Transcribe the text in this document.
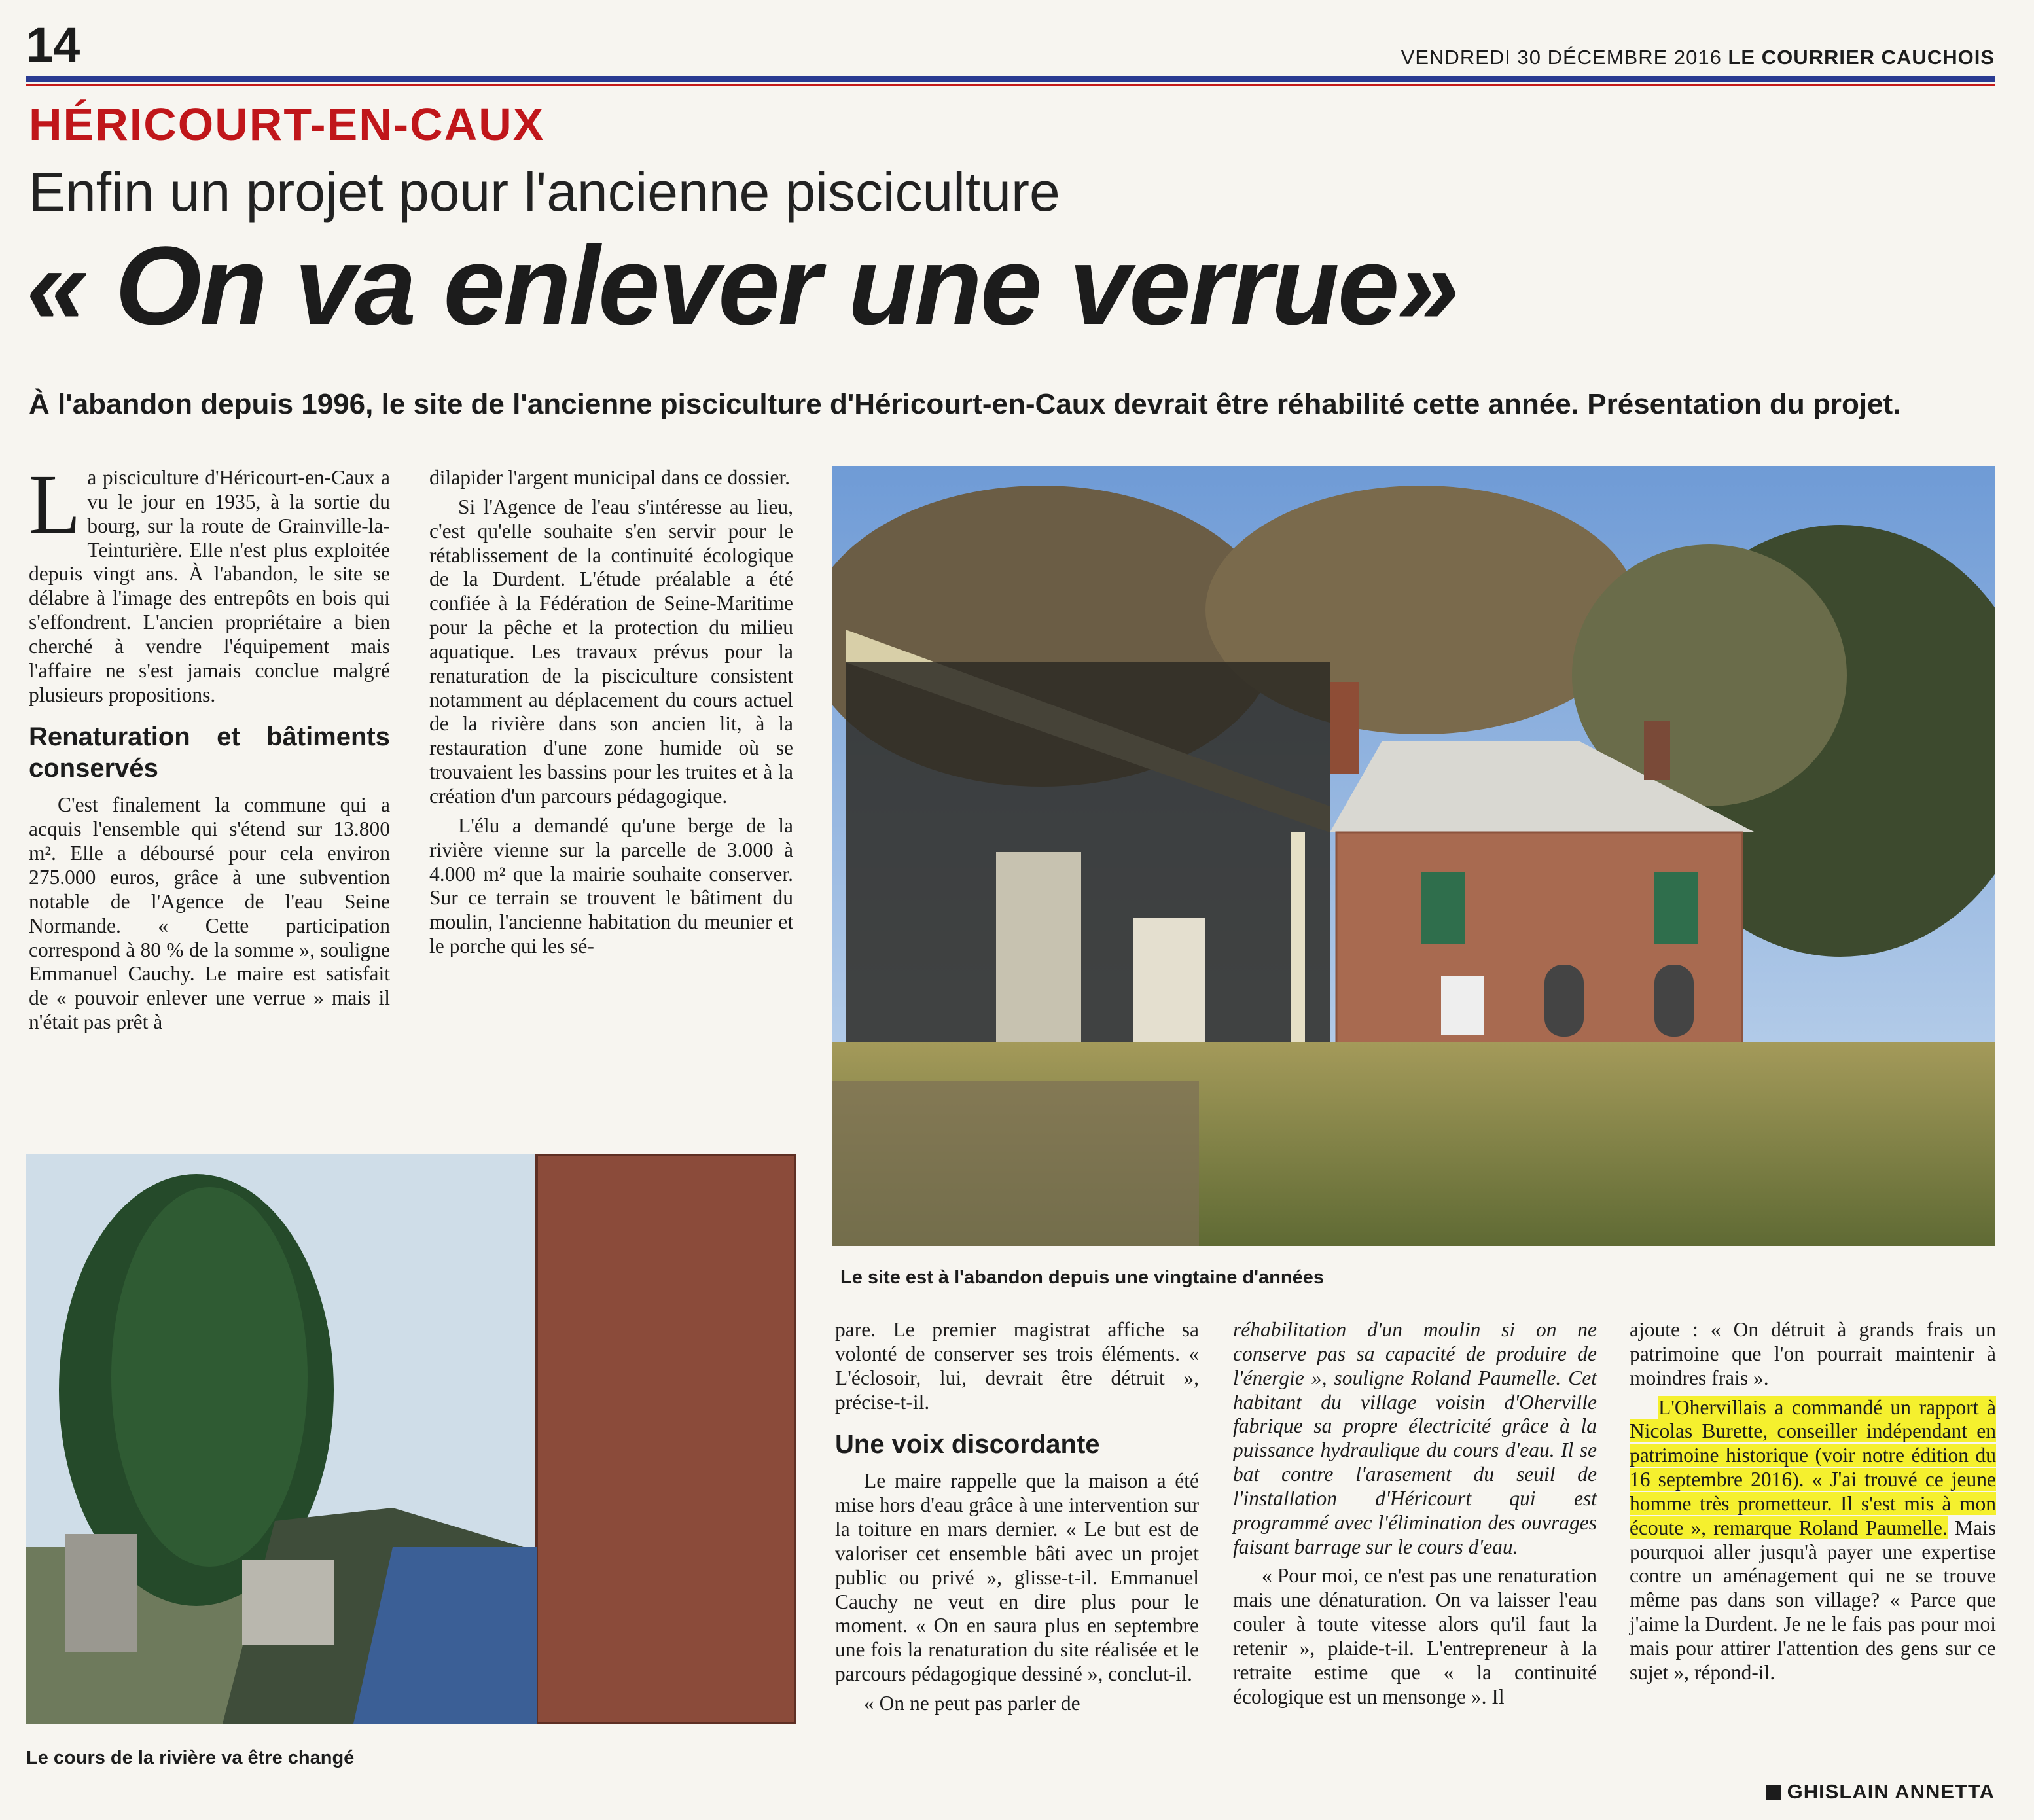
14	VENDREDI 30 DÉCEMBRE 2016 LE COURRIER CAUCHOIS
HÉRICOURT-EN-CAUX
Enfin un projet pour l'ancienne pisciculture
« On va enlever une verrue»
À l'abandon depuis 1996, le site de l'ancienne pisciculture d'Héricourt-en-Caux devrait être réhabilité cette année. Présentation du projet.
L a pisciculture d'Héricourt-en-Caux a vu le jour en 1935, à la sortie du bourg, sur la route de Grainville-la-Teinturière. Elle n'est plus exploitée depuis vingt ans. À l'abandon, le site se délabre à l'image des entrepôts en bois qui s'effondrent. L'ancien propriétaire a bien cherché à vendre l'équipement mais l'affaire ne s'est jamais conclue malgré plusieurs propositions.

Renaturation et bâtiments conservés

C'est finalement la commune qui a acquis l'ensemble qui s'étend sur 13.800 m². Elle a déboursé pour cela environ 275.000 euros, grâce à une subvention notable de l'Agence de l'eau Seine Normande. « Cette participation correspond à 80 % de la somme », souligne Emmanuel Cauchy. Le maire est satisfait de « pouvoir enlever une verrue » mais il n'était pas prêt à

dilapider l'argent municipal dans ce dossier.

Si l'Agence de l'eau s'intéresse au lieu, c'est qu'elle souhaite s'en servir pour le rétablissement de la continuité écologique de la Durdent. L'étude préalable a été confiée à la Fédération de Seine-Maritime pour la pêche et la protection du milieu aquatique. Les travaux prévus pour la renaturation de la pisciculture consistent notamment au déplacement du cours actuel de la rivière dans son ancien lit, à la restauration d'une zone humide où se trouvaient les bassins pour les truites et à la création d'un parcours pédagogique.

L'élu a demandé qu'une berge de la rivière vienne sur la parcelle de 3.000 à 4.000 m² que la mairie souhaite conserver. Sur ce terrain se trouvent le bâtiment du moulin, l'ancienne habitation du meunier et le porche qui les sé-

Le site est à l'abandon depuis une vingtaine d'années
Le cours de la rivière va être changé

pare. Le premier magistrat affiche sa volonté de conserver ses trois éléments. « L'éclosoir, lui, devrait être détruit », précise-t-il.

Une voix discordante

Le maire rappelle que la maison a été mise hors d'eau grâce à une intervention sur la toiture en mars dernier. « Le but est de valoriser cet ensemble bâti avec un projet public ou privé », glisse-t-il. Emmanuel Cauchy ne veut en dire plus pour le moment. « On en saura plus en septembre une fois la renaturation du site réalisée et le parcours pédagogique dessiné », conclut-il.

« On ne peut pas parler de

réhabilitation d'un moulin si on ne conserve pas sa capacité de produire de l'énergie », souligne Roland Paumelle. Cet habitant du village voisin d'Oherville fabrique sa propre électricité grâce à la puissance hydraulique du cours d'eau. Il se bat contre l'arasement du seuil de l'installation d'Héricourt qui est programmé avec l'élimination des ouvrages faisant barrage sur le cours d'eau.

« Pour moi, ce n'est pas une renaturation mais une dénaturation. On va laisser l'eau couler à toute vitesse alors qu'il faut la retenir », plaide-t-il. L'entrepreneur à la retraite estime que « la continuité écologique est un mensonge ». Il

ajoute : « On détruit à grands frais un patrimoine que l'on pourrait maintenir à moindres frais ».

L'Ohervillais a commandé un rapport à Nicolas Burette, conseiller indépendant en patrimoine historique (voir notre édition du 16 septembre 2016). « J'ai trouvé ce jeune homme très prometteur. Il s'est mis à mon écoute », remarque Roland Paumelle. Mais pourquoi aller jusqu'à payer une expertise contre un aménagement qui ne se trouve même pas dans son village? « Parce que j'aime la Durdent. Je ne le fais pas pour moi mais pour attirer l'attention des gens sur ce sujet », répond-il.

GHISLAIN ANNETTA
